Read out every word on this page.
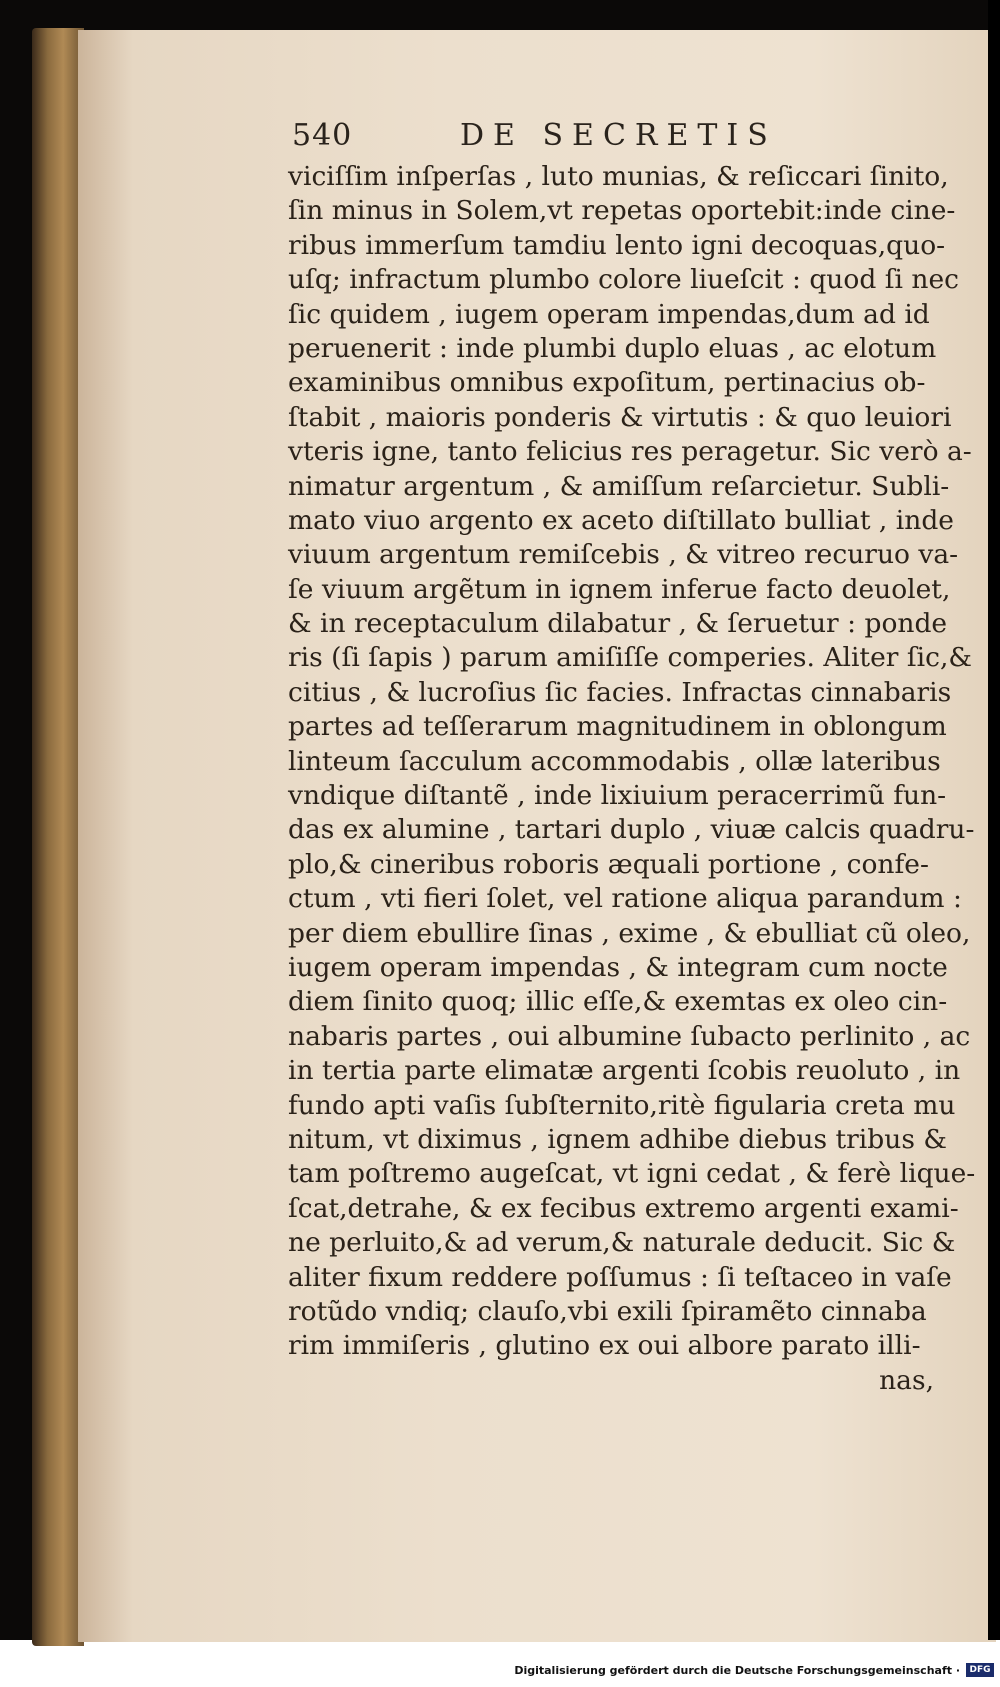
540	DE SECRETIS
viciſſim inſperſas , luto munias, & reſiccari ſinito,
ſin minus in Solem,vt repetas oportebit:inde cine-
ribus immerſum tamdiu lento igni decoquas,quo-
uſq; infractum plumbo colore liueſcit : quod ſi nec
ſic quidem , iugem operam impendas,dum ad id
peruenerit : inde plumbi duplo eluas , ac elotum
examinibus omnibus expoſitum, pertinacius ob-
ſtabit , maioris ponderis & virtutis : & quo leuiori
vteris igne, tanto felicius res peragetur. Sic verò a-
nimatur argentum , & amiſſum reſarcietur. Subli-
mato viuo argento ex aceto diſtillato bulliat , inde
viuum argentum remiſcebis , & vitreo recuruo va-
ſe viuum argẽtum in ignem inferue facto deuolet,
& in receptaculum dilabatur , & ſeruetur : ponde
ris (ſi ſapis ) parum amiſiſſe comperies. Aliter ſic,&
citius , & lucroſius ſic facies. Infractas cinnabaris
partes ad teſſerarum magnitudinem in oblongum
linteum ſacculum accommodabis , ollæ lateribus
vndique diſtantẽ , inde lixiuium peracerrimũ fun-
das ex alumine , tartari duplo , viuæ calcis quadru-
plo,& cineribus roboris æquali portione , confe-
ctum , vti fieri ſolet, vel ratione aliqua parandum :
per diem ebullire ſinas , exime , & ebulliat cũ oleo,
iugem operam impendas , & integram cum nocte
diem ſinito quoq; illic eſſe,& exemtas ex oleo cin-
nabaris partes , oui albumine ſubacto perlinito , ac
in tertia parte elimatæ argenti ſcobis reuoluto , in
fundo apti vaſis ſubſternito,ritè figularia creta mu
nitum, vt diximus , ignem adhibe diebus tribus &
tam poſtremo augeſcat, vt igni cedat , & ferè lique-
ſcat,detrahe, & ex fecibus extremo argenti exami-
ne perluito,& ad verum,& naturale deducit. Sic &
aliter fixum reddere poſſumus : ſi teſtaceo in vaſe
rotũdo vndiq; clauſo,vbi exili ſpiramẽto cinnaba
rim immiſeris , glutino ex oui albore parato illi-
nas,
Digitalisierung gefördert durch die Deutsche Forschungsgemeinschaft ·	DFG
